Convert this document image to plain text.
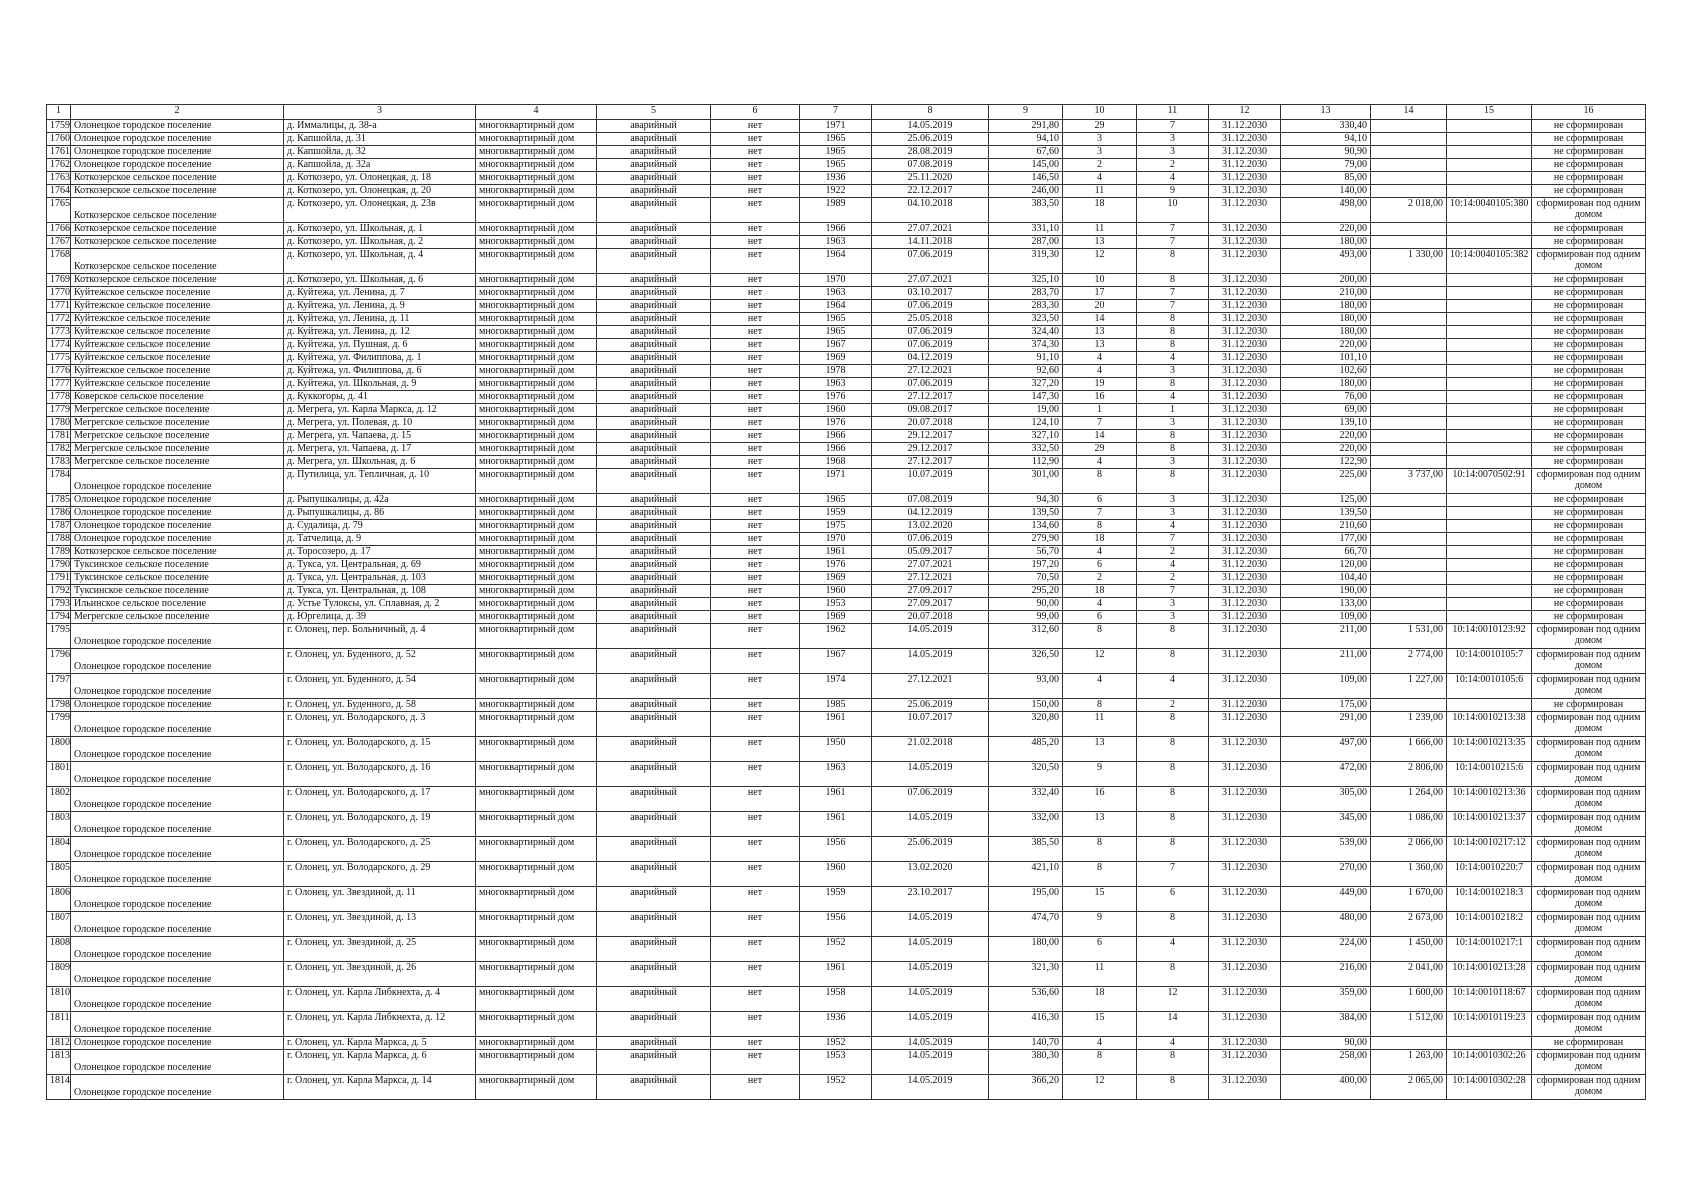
1	2	3	4	5	6	7	8	9	10	11	12	13	14	15	16
1759	Олонецкое городское поселение	д. Иммалицы, д. 38-а	многоквартирный дом	аварийный	нет	1971	14.05.2019	291,80	29	7	31.12.2030	330,40			не сформирован
1760	Олонецкое городское поселение	д. Капшойла, д. 31	многоквартирный дом	аварийный	нет	1965	25.06.2019	94,10	3	3	31.12.2030	94,10			не сформирован
1761	Олонецкое городское поселение	д. Капшойла, д. 32	многоквартирный дом	аварийный	нет	1965	28.08.2019	67,60	3	3	31.12.2030	90,90			не сформирован
1762	Олонецкое городское поселение	д. Капшойла, д. 32а	многоквартирный дом	аварийный	нет	1965	07.08.2019	145,00	2	2	31.12.2030	79,00			не сформирован
1763	Коткозерское сельское поселение	д. Коткозеро, ул. Олонецкая, д. 18	многоквартирный дом	аварийный	нет	1936	25.11.2020	146,50	4	4	31.12.2030	85,00			не сформирован
1764	Коткозерское сельское поселение	д. Коткозеро, ул. Олонецкая, д. 20	многоквартирный дом	аварийный	нет	1922	22.12.2017	246,00	11	9	31.12.2030	140,00			не сформирован
1765	Коткозерское сельское поселение	д. Коткозеро, ул. Олонецкая, д. 23в	многоквартирный дом	аварийный	нет	1989	04.10.2018	383,50	18	10	31.12.2030	498,00	2 018,00	10:14:0040105:380	сформирован под одним домом
1766	Коткозерское сельское поселение	д. Коткозеро, ул. Школьная, д. 1	многоквартирный дом	аварийный	нет	1966	27.07.2021	331,10	11	7	31.12.2030	220,00			не сформирован
1767	Коткозерское сельское поселение	д. Коткозеро, ул. Школьная, д. 2	многоквартирный дом	аварийный	нет	1963	14.11.2018	287,00	13	7	31.12.2030	180,00			не сформирован
1768	Коткозерское сельское поселение	д. Коткозеро, ул. Школьная, д. 4	многоквартирный дом	аварийный	нет	1964	07.06.2019	319,30	12	8	31.12.2030	493,00	1 330,00	10:14:0040105:382	сформирован под одним домом
1769	Коткозерское сельское поселение	д. Коткозеро, ул. Школьная, д. 6	многоквартирный дом	аварийный	нет	1970	27.07.2021	325,10	10	8	31.12.2030	200,00			не сформирован
1770	Куйтежское сельское поселение	д. Куйтежа, ул. Ленина, д. 7	многоквартирный дом	аварийный	нет	1963	03.10.2017	283,70	17	7	31.12.2030	210,00			не сформирован
1771	Куйтежское сельское поселение	д. Куйтежа, ул. Ленина, д. 9	многоквартирный дом	аварийный	нет	1964	07.06.2019	283,30	20	7	31.12.2030	180,00			не сформирован
1772	Куйтежское сельское поселение	д. Куйтежа, ул. Ленина, д. 11	многоквартирный дом	аварийный	нет	1965	25.05.2018	323,50	14	8	31.12.2030	180,00			не сформирован
1773	Куйтежское сельское поселение	д. Куйтежа, ул. Ленина, д. 12	многоквартирный дом	аварийный	нет	1965	07.06.2019	324,40	13	8	31.12.2030	180,00			не сформирован
1774	Куйтежское сельское поселение	д. Куйтежа, ул. Пушная, д. 6	многоквартирный дом	аварийный	нет	1967	07.06.2019	374,30	13	8	31.12.2030	220,00			не сформирован
1775	Куйтежское сельское поселение	д. Куйтежа, ул. Филиппова, д. 1	многоквартирный дом	аварийный	нет	1969	04.12.2019	91,10	4	4	31.12.2030	101,10			не сформирован
1776	Куйтежское сельское поселение	д. Куйтежа, ул. Филиппова, д. 6	многоквартирный дом	аварийный	нет	1978	27.12.2021	92,60	4	3	31.12.2030	102,60			не сформирован
1777	Куйтежское сельское поселение	д. Куйтежа, ул. Школьная, д. 9	многоквартирный дом	аварийный	нет	1963	07.06.2019	327,20	19	8	31.12.2030	180,00			не сформирован
1778	Коверское сельское поселение	д. Куккогоры, д. 41	многоквартирный дом	аварийный	нет	1976	27.12.2017	147,30	16	4	31.12.2030	76,00			не сформирован
1779	Мегрегское сельское поселение	д. Мегрега, ул. Карла Маркса, д. 12	многоквартирный дом	аварийный	нет	1960	09.08.2017	19,00	1	1	31.12.2030	69,00			не сформирован
1780	Мегрегское сельское поселение	д. Мегрега, ул. Полевая, д. 10	многоквартирный дом	аварийный	нет	1976	20.07.2018	124,10	7	3	31.12.2030	139,10			не сформирован
1781	Мегрегское сельское поселение	д. Мегрега, ул. Чапаева, д. 15	многоквартирный дом	аварийный	нет	1966	29.12.2017	327,10	14	8	31.12.2030	220,00			не сформирован
1782	Мегрегское сельское поселение	д. Мегрега, ул. Чапаева, д. 17	многоквартирный дом	аварийный	нет	1966	29.12.2017	332,50	29	8	31.12.2030	220,00			не сформирован
1783	Мегрегское сельское поселение	д. Мегрега, ул. Школьная, д. 6	многоквартирный дом	аварийный	нет	1968	27.12.2017	112,90	4	3	31.12.2030	122,90			не сформирован
1784	Олонецкое городское поселение	д. Путилица, ул. Тепличная, д. 10	многоквартирный дом	аварийный	нет	1971	10.07.2019	301,00	8	8	31.12.2030	225,00	3 737,00	10:14:0070502:91	сформирован под одним домом
1785	Олонецкое городское поселение	д. Рыпушкалицы, д. 42а	многоквартирный дом	аварийный	нет	1965	07.08.2019	94,30	6	3	31.12.2030	125,00			не сформирован
1786	Олонецкое городское поселение	д. Рыпушкалицы, д. 86	многоквартирный дом	аварийный	нет	1959	04.12.2019	139,50	7	3	31.12.2030	139,50			не сформирован
1787	Олонецкое городское поселение	д. Судалица, д. 79	многоквартирный дом	аварийный	нет	1975	13.02.2020	134,60	8	4	31.12.2030	210,60			не сформирован
1788	Олонецкое городское поселение	д. Татчелица, д. 9	многоквартирный дом	аварийный	нет	1970	07.06.2019	279,90	18	7	31.12.2030	177,00			не сформирован
1789	Коткозерское сельское поселение	д. Торосозеро, д. 17	многоквартирный дом	аварийный	нет	1961	05.09.2017	56,70	4	2	31.12.2030	66,70			не сформирован
1790	Туксинское сельское поселение	д. Тукса, ул. Центральная, д. 69	многоквартирный дом	аварийный	нет	1976	27.07.2021	197,20	6	4	31.12.2030	120,00			не сформирован
1791	Туксинское сельское поселение	д. Тукса, ул. Центральная, д. 103	многоквартирный дом	аварийный	нет	1969	27.12.2021	70,50	2	2	31.12.2030	104,40			не сформирован
1792	Туксинское сельское поселение	д. Тукса, ул. Центральная, д. 108	многоквартирный дом	аварийный	нет	1960	27.09.2017	295,20	18	7	31.12.2030	190,00			не сформирован
1793	Ильинское сельское поселение	д. Устье Тулоксы, ул. Сплавная, д. 2	многоквартирный дом	аварийный	нет	1953	27.09.2017	90,00	4	3	31.12.2030	133,00			не сформирован
1794	Мегрегское сельское поселение	д. Юргелица, д. 39	многоквартирный дом	аварийный	нет	1969	20.07.2018	99,00	6	3	31.12.2030	109,00			не сформирован
1795	Олонецкое городское поселение	г. Олонец, пер. Больничный, д. 4	многоквартирный дом	аварийный	нет	1962	14.05.2019	312,60	8	8	31.12.2030	211,00	1 531,00	10:14:0010123:92	сформирован под одним домом
1796	Олонецкое городское поселение	г. Олонец, ул. Буденного, д. 52	многоквартирный дом	аварийный	нет	1967	14.05.2019	326,50	12	8	31.12.2030	211,00	2 774,00	10:14:0010105:7	сформирован под одним домом
1797	Олонецкое городское поселение	г. Олонец, ул. Буденного, д. 54	многоквартирный дом	аварийный	нет	1974	27.12.2021	93,00	4	4	31.12.2030	109,00	1 227,00	10:14:0010105:6	сформирован под одним домом
1798	Олонецкое городское поселение	г. Олонец, ул. Буденного, д. 58	многоквартирный дом	аварийный	нет	1985	25.06.2019	150,00	8	2	31.12.2030	175,00			не сформирован
1799	Олонецкое городское поселение	г. Олонец, ул. Володарского, д. 3	многоквартирный дом	аварийный	нет	1961	10.07.2017	320,80	11	8	31.12.2030	291,00	1 239,00	10:14:0010213:38	сформирован под одним домом
1800	Олонецкое городское поселение	г. Олонец, ул. Володарского, д. 15	многоквартирный дом	аварийный	нет	1950	21.02.2018	485,20	13	8	31.12.2030	497,00	1 666,00	10:14:0010213:35	сформирован под одним домом
1801	Олонецкое городское поселение	г. Олонец, ул. Володарского, д. 16	многоквартирный дом	аварийный	нет	1963	14.05.2019	320,50	9	8	31.12.2030	472,00	2 806,00	10:14:0010215:6	сформирован под одним домом
1802	Олонецкое городское поселение	г. Олонец, ул. Володарского, д. 17	многоквартирный дом	аварийный	нет	1961	07.06.2019	332,40	16	8	31.12.2030	305,00	1 264,00	10:14:0010213:36	сформирован под одним домом
1803	Олонецкое городское поселение	г. Олонец, ул. Володарского, д. 19	многоквартирный дом	аварийный	нет	1961	14.05.2019	332,00	13	8	31.12.2030	345,00	1 086,00	10:14:0010213:37	сформирован под одним домом
1804	Олонецкое городское поселение	г. Олонец, ул. Володарского, д. 25	многоквартирный дом	аварийный	нет	1956	25.06.2019	385,50	8	8	31.12.2030	539,00	2 066,00	10:14:0010217:12	сформирован под одним домом
1805	Олонецкое городское поселение	г. Олонец, ул. Володарского, д. 29	многоквартирный дом	аварийный	нет	1960	13.02.2020	421,10	8	7	31.12.2030	270,00	1 360,00	10:14:0010220:7	сформирован под одним домом
1806	Олонецкое городское поселение	г. Олонец, ул. Звездиной, д. 11	многоквартирный дом	аварийный	нет	1959	23.10.2017	195,00	15	6	31.12.2030	449,00	1 670,00	10:14:0010218:3	сформирован под одним домом
1807	Олонецкое городское поселение	г. Олонец, ул. Звездиной, д. 13	многоквартирный дом	аварийный	нет	1956	14.05.2019	474,70	9	8	31.12.2030	480,00	2 673,00	10:14:0010218:2	сформирован под одним домом
1808	Олонецкое городское поселение	г. Олонец, ул. Звездиной, д. 25	многоквартирный дом	аварийный	нет	1952	14.05.2019	180,00	6	4	31.12.2030	224,00	1 450,00	10:14:0010217:1	сформирован под одним домом
1809	Олонецкое городское поселение	г. Олонец, ул. Звездиной, д. 26	многоквартирный дом	аварийный	нет	1961	14.05.2019	321,30	11	8	31.12.2030	216,00	2 041,00	10:14:0010213:28	сформирован под одним домом
1810	Олонецкое городское поселение	г. Олонец, ул. Карла Либкнехта, д. 4	многоквартирный дом	аварийный	нет	1958	14.05.2019	536,60	18	12	31.12.2030	359,00	1 600,00	10:14:0010118:67	сформирован под одним домом
1811	Олонецкое городское поселение	г. Олонец, ул. Карла Либкнехта, д. 12	многоквартирный дом	аварийный	нет	1936	14.05.2019	416,30	15	14	31.12.2030	384,00	1 512,00	10:14:0010119:23	сформирован под одним домом
1812	Олонецкое городское поселение	г. Олонец, ул. Карла Маркса, д. 5	многоквартирный дом	аварийный	нет	1952	14.05.2019	140,70	4	4	31.12.2030	90,00			не сформирован
1813	Олонецкое городское поселение	г. Олонец, ул. Карла Маркса, д. 6	многоквартирный дом	аварийный	нет	1953	14.05.2019	380,30	8	8	31.12.2030	258,00	1 263,00	10:14:0010302:26	сформирован под одним домом
1814	Олонецкое городское поселение	г. Олонец, ул. Карла Маркса, д. 14	многоквартирный дом	аварийный	нет	1952	14.05.2019	366,20	12	8	31.12.2030	400,00	2 065,00	10:14:0010302:28	сформирован под одним домом
